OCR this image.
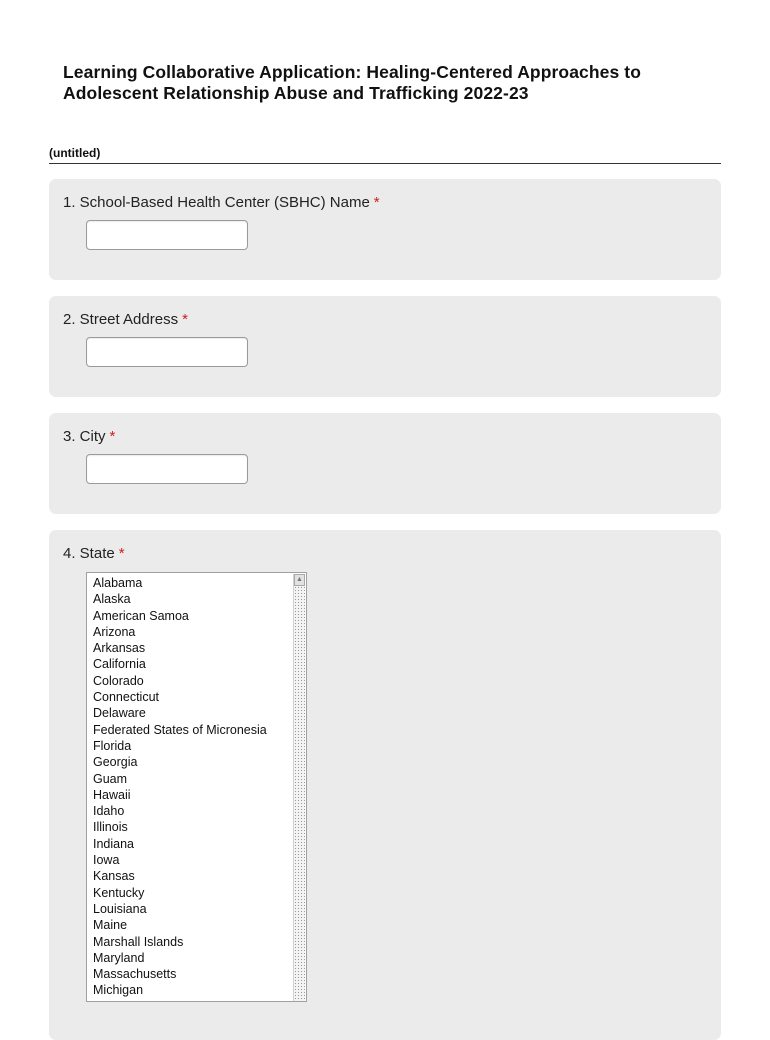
Learning Collaborative Application: Healing-Centered Approaches to Adolescent Relationship Abuse and Trafficking 2022-23
(untitled)
1. School-Based Health Center (SBHC) Name *
2. Street Address *
3. City *
4. State *
Alabama
Alaska
American Samoa
Arizona
Arkansas
California
Colorado
Connecticut
Delaware
Federated States of Micronesia
Florida
Georgia
Guam
Hawaii
Idaho
Illinois
Indiana
Iowa
Kansas
Kentucky
Louisiana
Maine
Marshall Islands
Maryland
Massachusetts
Michigan
▲
